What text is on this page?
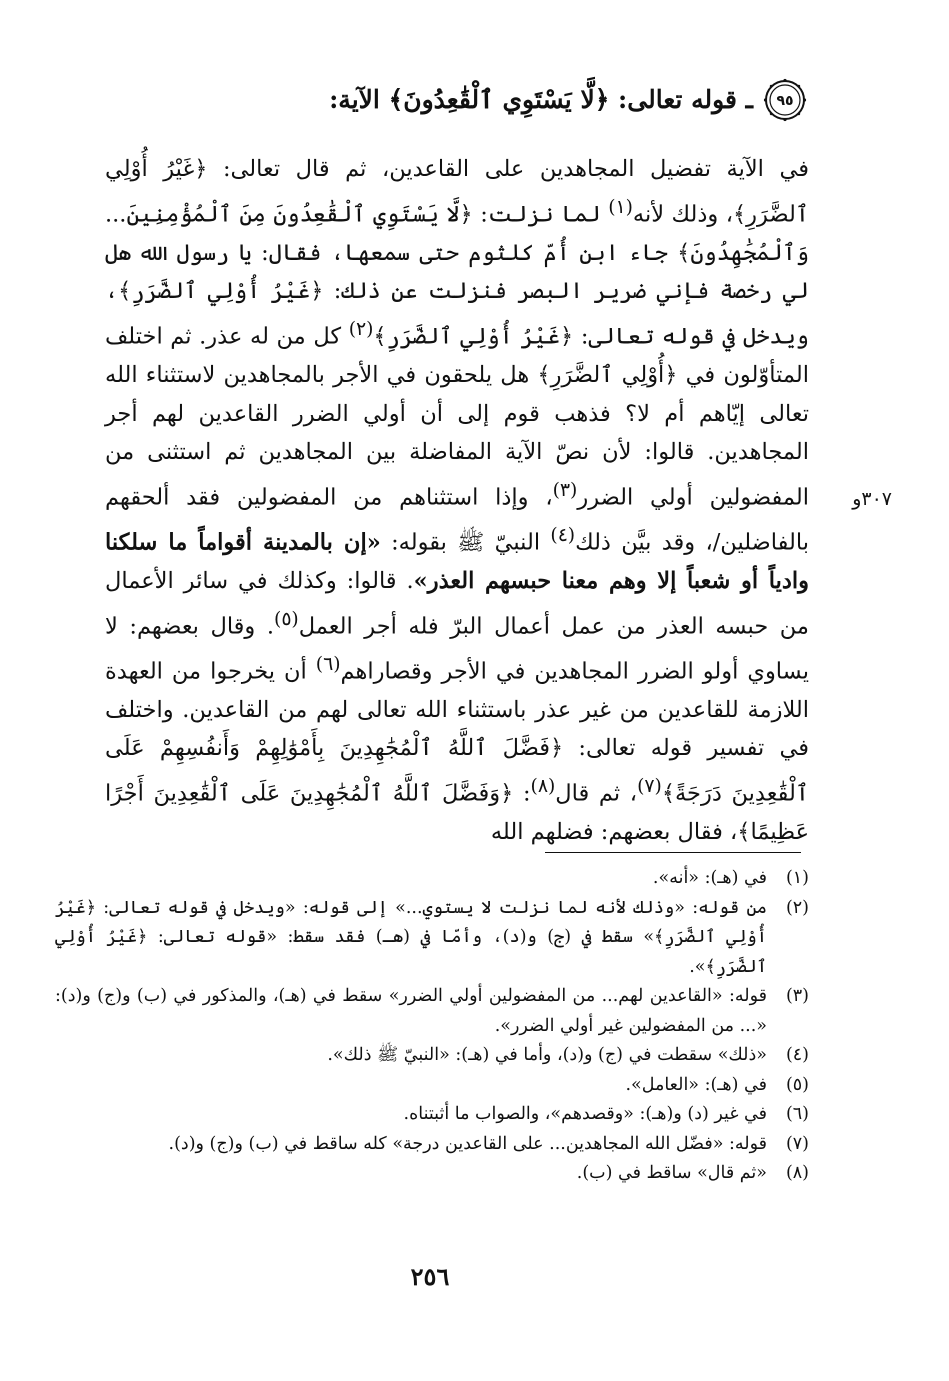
٩٥
ـ قوله تعالى: ﴿لَّا يَسْتَوِي ٱلْقَٰعِدُونَ﴾ الآية:
٣٠٧و

في الآية تفضيل المجاهدين على القاعدين، ثم قال تعالى: ﴿غَيْرُ أُوْلِي ٱلضَّرَرِ﴾، وذلك لأنه$^{(١)}$ لما نزلت: ﴿لَّا يَسْتَوِي ٱلْقَٰعِدُونَ مِنَ ٱلْمُؤْمِنِينَ... وَٱلْمُجَٰهِدُونَ﴾ جاء ابن أُمّ كلثوم حتى سمعها، فقال: يا رسول الله هل لي رخصة فإني ضرير البصر فنزلت عن ذلك: ﴿غَيْرُ أُوْلِي ٱلضَّرَرِ﴾، ويدخل في قوله تعالى: ﴿غَيْرُ أُوْلِي ٱلضَّرَرِ﴾$^{(٢)}$ كل من له عذر. ثم اختلف المتأوّلون في ﴿أُوْلِي ٱلضَّرَرِ﴾ هل يلحقون في الأجر بالمجاهدين لاستثناء الله تعالى إيّاهم أم لا؟ فذهب قوم إلى أن أولي الضرر القاعدين لهم أجر المجاهدين. قالوا: لأن نصّ الآية المفاضلة بين المجاهدين ثم استثنى من المفضولين أولي الضرر$^{(٣)}$، وإذا استثناهم من المفضولين فقد ألحقهم بالفاضلين/، وقد بيَّن ذلك$^{(٤)}$ النبيّ ﷺ بقوله: «إن بالمدينة أقواماً ما سلكنا وادياً أو شعباً إلا وهم معنا حبسهم العذر». قالوا: وكذلك في سائر الأعمال من حبسه العذر من عمل أعمال البرّ فله أجر العمل$^{(٥)}$. وقال بعضهم: لا يساوي أولو الضرر المجاهدين في الأجر وقصاراهم$^{(٦)}$ أن يخرجوا من العهدة اللازمة للقاعدين من غير عذر باستثناء الله تعالى لهم من القاعدين. واختلف في تفسير قوله تعالى: ﴿فَضَّلَ ٱللَّهُ ٱلْمُجَٰهِدِينَ بِأَمْوَٰلِهِمْ وَأَنفُسِهِمْ عَلَى ٱلْقَٰعِدِينَ دَرَجَةً﴾$^{(٧)}$، ثم قال$^{(٨)}$: ﴿وَفَضَّلَ ٱللَّهُ ٱلْمُجَٰهِدِينَ عَلَى ٱلْقَٰعِدِينَ أَجْرًا عَظِيمًا﴾، فقال بعضهم: فضلهم الله

(١)
في (هـ): «أنه».
(٢)
من قوله: «وذلك لأنه لما نزلت لا يستوي...» إلى قوله: «ويدخل في قوله تعالى: ﴿غَيْرُ أُوْلِي ٱلضَّرَرِ﴾» سقط في (ج) و(د)، وأمّا في (هـ) فقد سقط: «قوله تعالى: ﴿غَيْرُ أُوْلِي ٱلضَّرَرِ﴾».
(٣)
قوله: «القاعدين لهم... من المفضولين أولي الضرر» سقط في (هـ)، والمذكور في (ب) و(ج) و(د): «... من المفضولين غير أولي الضرر».
(٤)
«ذلك» سقطت في (ج) و(د)، وأما في (هـ): «النبيّ ﷺ ذلك».
(٥)
في (هـ): «العامل».
(٦)
في غير (د) و(هـ): «وقصدهم»، والصواب ما أثبتناه.
(٧)
قوله: «فضّل الله المجاهدين... على القاعدين درجة» كله ساقط في (ب) و(ج) و(د).
(٨)
«ثم قال» ساقط في (ب).
٢٥٦
